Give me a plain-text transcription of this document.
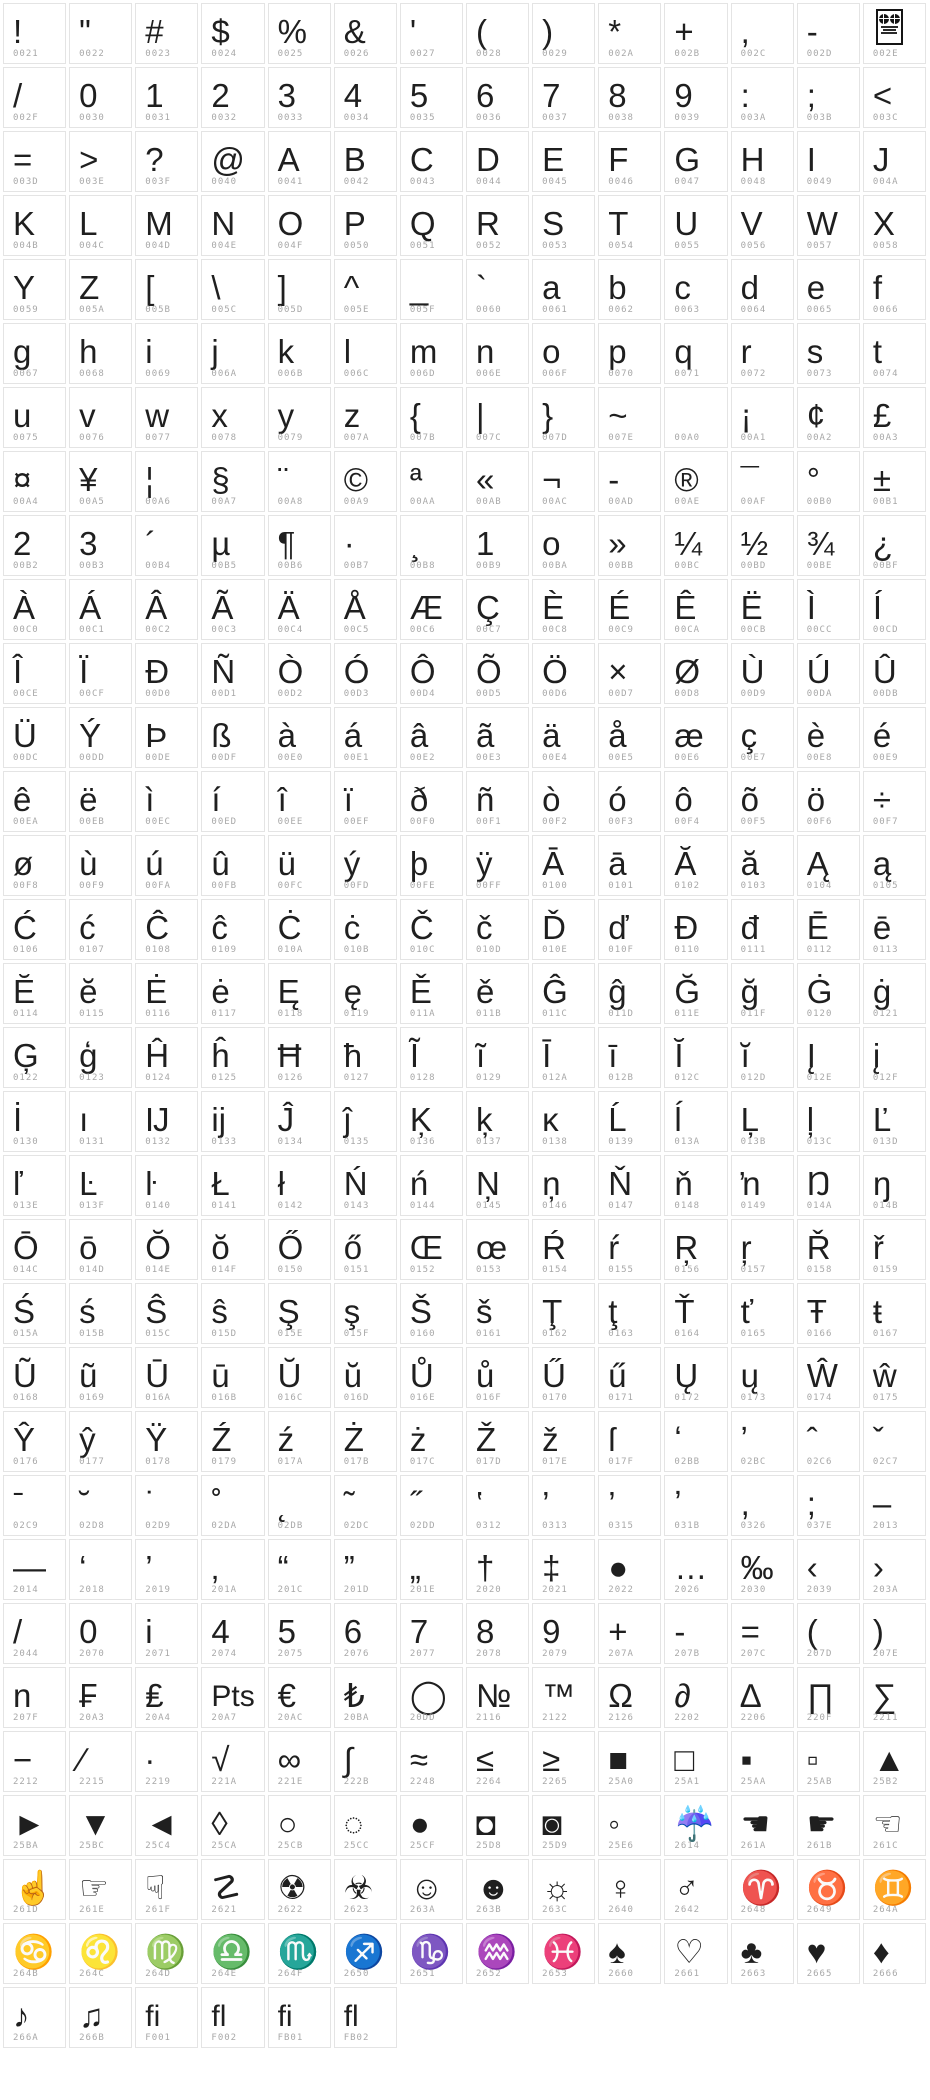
!
0021
"
0022
#
0023
$
0024
%
0025
&
0026
'
0027
(
0028
)
0029
*
002A
+
002B
,
002C
-
002D	002E
/
002F
0
0030
1
0031
2
0032
3
0033
4
0034
5
0035
6
0036
7
0037
8
0038
9
0039
:
003A
;
003B
<
003C
=
003D
>
003E
?
003F
@
0040
A
0041
B
0042
C
0043
D
0044
E
0045
F
0046
G
0047
H
0048
I
0049
J
004A
K
004B
L
004C
M
004D
N
004E
O
004F
P
0050
Q
0051
R
0052
S
0053
T
0054
U
0055
V
0056
W
0057
X
0058
Y
0059
Z
005A
[
005B
\
005C
]
005D
^
005E
_
005F
`
0060
a
0061
b
0062
c
0063
d
0064
e
0065
f
0066
g
0067
h
0068
i
0069
j
006A
k
006B
l
006C
m
006D
n
006E
o
006F
p
0070
q
0071
r
0072
s
0073
t
0074
u
0075
v
0076
w
0077
x
0078
y
0079
z
007A
{
007B
|
007C
}
007D
~
007E	00A0
¡
00A1
¢
00A2
£
00A3
¤
00A4
¥
00A5
¦
00A6
§
00A7
¨
00A8
©
00A9
ª
00AA
«
00AB
¬
00AC
-
00AD
®
00AE
¯
00AF
°
00B0
±
00B1
2
00B2
3
00B3
´
00B4
µ
00B5
¶
00B6
·
00B7
¸
00B8
1
00B9
o
00BA
»
00BB
¼
00BC
½
00BD
¾
00BE
¿
00BF
À
00C0
Á
00C1
Â
00C2
Ã
00C3
Ä
00C4
Å
00C5
Æ
00C6
Ç
00C7
È
00C8
É
00C9
Ê
00CA
Ë
00CB
Ì
00CC
Í
00CD
Î
00CE
Ï
00CF
Ð
00D0
Ñ
00D1
Ò
00D2
Ó
00D3
Ô
00D4
Õ
00D5
Ö
00D6
×
00D7
Ø
00D8
Ù
00D9
Ú
00DA
Û
00DB
Ü
00DC
Ý
00DD
Þ
00DE
ß
00DF
à
00E0
á
00E1
â
00E2
ã
00E3
ä
00E4
å
00E5
æ
00E6
ç
00E7
è
00E8
é
00E9
ê
00EA
ë
00EB
ì
00EC
í
00ED
î
00EE
ï
00EF
ð
00F0
ñ
00F1
ò
00F2
ó
00F3
ô
00F4
õ
00F5
ö
00F6
÷
00F7
ø
00F8
ù
00F9
ú
00FA
û
00FB
ü
00FC
ý
00FD
þ
00FE
ÿ
00FF
Ā
0100
ā
0101
Ă
0102
ă
0103
Ą
0104
ą
0105
Ć
0106
ć
0107
Ĉ
0108
ĉ
0109
Ċ
010A
ċ
010B
Č
010C
č
010D
Ď
010E
ď
010F
Đ
0110
đ
0111
Ē
0112
ē
0113
Ĕ
0114
ĕ
0115
Ė
0116
ė
0117
Ę
0118
ę
0119
Ě
011A
ě
011B
Ĝ
011C
ĝ
011D
Ğ
011E
ğ
011F
Ġ
0120
ġ
0121
Ģ
0122
ģ
0123
Ĥ
0124
ĥ
0125
Ħ
0126
ħ
0127
Ĩ
0128
ĩ
0129
Ī
012A
ī
012B
Ĭ
012C
ĭ
012D
Į
012E
į
012F
İ
0130
ı
0131
Ĳ
0132
ĳ
0133
Ĵ
0134
ĵ
0135
Ķ
0136
ķ
0137
ĸ
0138
Ĺ
0139
ĺ
013A
Ļ
013B
ļ
013C
Ľ
013D
ľ
013E
Ŀ
013F
ŀ
0140
Ł
0141
ł
0142
Ń
0143
ń
0144
Ņ
0145
ņ
0146
Ň
0147
ň
0148
ŉ
0149
Ŋ
014A
ŋ
014B
Ō
014C
ō
014D
Ŏ
014E
ŏ
014F
Ő
0150
ő
0151
Œ
0152
œ
0153
Ŕ
0154
ŕ
0155
Ŗ
0156
ŗ
0157
Ř
0158
ř
0159
Ś
015A
ś
015B
Ŝ
015C
ŝ
015D
Ş
015E
ş
015F
Š
0160
š
0161
Ţ
0162
ţ
0163
Ť
0164
ť
0165
Ŧ
0166
ŧ
0167
Ũ
0168
ũ
0169
Ū
016A
ū
016B
Ŭ
016C
ŭ
016D
Ů
016E
ů
016F
Ű
0170
ű
0171
Ų
0172
ų
0173
Ŵ
0174
ŵ
0175
Ŷ
0176
ŷ
0177
Ÿ
0178
Ź
0179
ź
017A
Ż
017B
ż
017C
Ž
017D
ž
017E
ſ
017F
ʻ
02BB
ʼ
02BC
ˆ
02C6
ˇ
02C7
ˉ
02C9
˘
02D8
˙
02D9
˚
02DA
˛
02DB
˜
02DC
˝
02DD
‛
0312
’
0313
’
0315
ʼ
031B
,
0326
;
037E
–
2013
—
2014
‘
2018
’
2019
‚
201A
“
201C
”
201D
„
201E
†
2020
‡
2021
●
2022
…
2026
‰
2030
‹
2039
›
203A
/
2044
0
2070
i
2071
4
2074
5
2075
6
2076
7
2077
8
2078
9
2079
+
207A
-
207B
=
207C
(
207D
)
207E
n
207F
₣
20A3
₤
20A4
Pts
20A7
€
20AC
₺
20BA
◯
20DD
№
2116
™
2122
Ω
2126
∂
2202
∆
2206
∏
220F
∑
2211
−
2212
∕
2215
∙
2219
√
221A
∞
221E
∫
222B
≈
2248
≤
2264
≥
2265
■
25A0
□
25A1
▪
25AA
▫
25AB
▲
25B2
►
25BA
▼
25BC
◄
25C4
◊
25CA
○
25CB
◌
25CC
●
25CF
◘
25D8
◙
25D9
◦
25E6
☔
2614
☚
261A
☛
261B
☜
261C
☝
261D
☞
261E
☟
261F
☡
2621
☢
2622
☣
2623
☺
263A
☻
263B
☼
263C
♀
2640
♂
2642
♈
2648
♉
2649
♊
264A
♋
264B
♌
264C
♍
264D
♎
264E
♏
264F
♐
2650
♑
2651
♒
2652
♓
2653
♠
2660
♡
2661
♣
2663
♥
2665
♦
2666
♪
266A
♫
266B
fi
F001
fl
F002
fi
FB01
fl
FB02
